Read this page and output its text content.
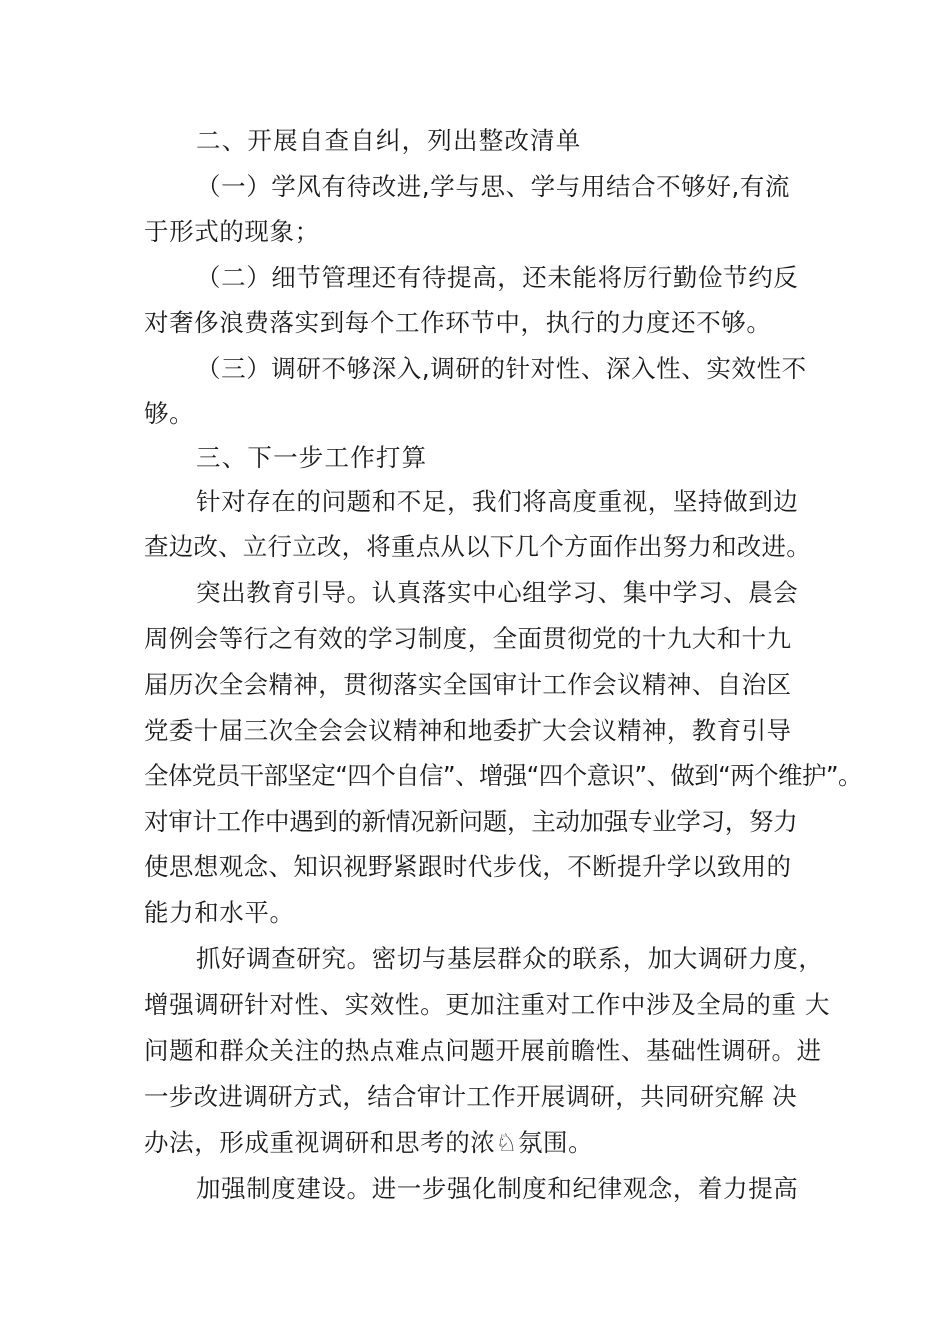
二、开展自查自纠，列出整改清单
（一）学风有待改进,学与思、学与用结合不够好,有流
于形式的现象；
（二）细节管理还有待提高，还未能将厉行勤俭节约反
对奢侈浪费落实到每个工作环节中，执行的力度还不够。
（三）调研不够深入,调研的针对性、深入性、实效性不
够。
三、下一步工作打算
针对存在的问题和不足，我们将高度重视，坚持做到边
查边改、立行立改，将重点从以下几个方面作出努力和改进。
突出教育引导。认真落实中心组学习、集中学习、晨会
周例会等行之有效的学习制度，全面贯彻党的十九大和十九
届历次全会精神，贯彻落实全国审计工作会议精神、自治区
党委十届三次全会会议精神和地委扩大会议精神，教育引导
全体党员干部坚定“四个自信”、增强“四个意识”、做到“两个维护”。
对审计工作中遇到的新情况新问题，主动加强专业学习，努力
使思想观念、知识视野紧跟时代步伐，不断提升学以致用的
能力和水平。
抓好调查研究。密切与基层群众的联系，加大调研力度，
增强调研针对性、实效性。更加注重对工作中涉及全局的重 大
问题和群众关注的热点难点问题开展前瞻性、基础性调研。进
一步改进调研方式，结合审计工作开展调研，共同研究解 决
办法，形成重视调研和思考的浓♘氛围。
加强制度建设。进一步强化制度和纪律观念，着力提高
